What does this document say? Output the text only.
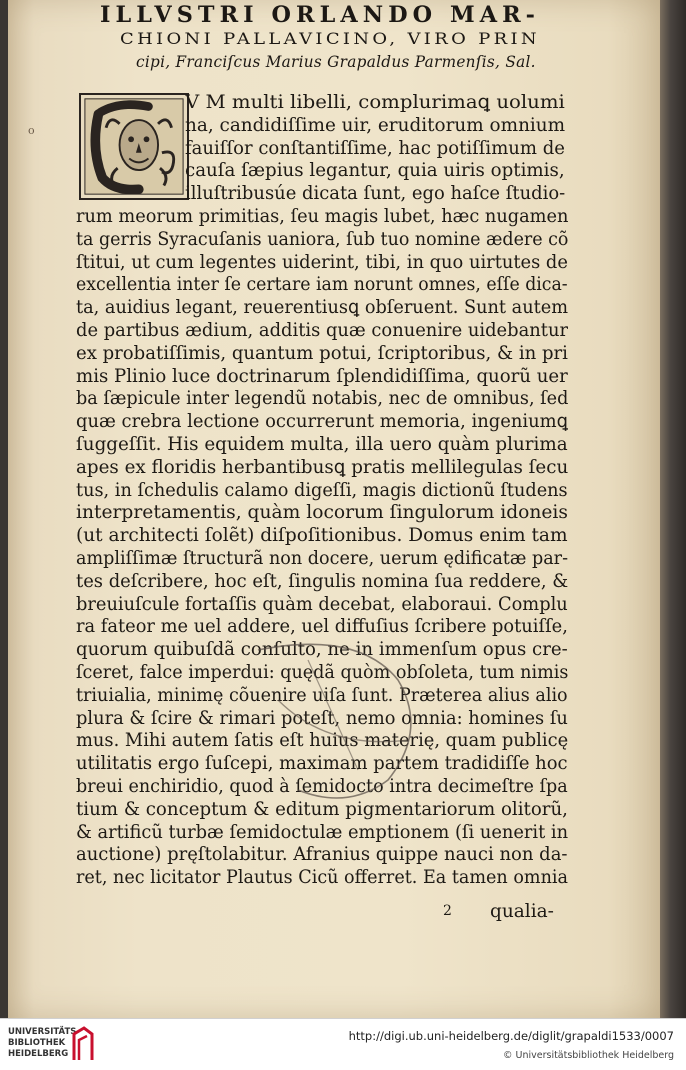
ILLVSTRI ORLANDO MAR-
CHIONI PALLAVICINO, VIRO PRIN
cipi, Franciſcus Marius Grapaldus Parmenſis, Sal.
o
V M multi libelli, complurimaꝗ uolumi
na, candidiſſime uir, eruditorum omnium
fauiſſor conſtantiſſime, hac potiſſimum de
cauſa ſæpius legantur, quia uiris optimis,
illuſtribusúe dicata ſunt, ego haſce ſtudio-
rum meorum primitias, ſeu magis lubet, hæc nugamen
ta gerris Syracuſanis uaniora, ſub tuo nomine ædere cõ
ſtitui, ut cum legentes uiderint, tibi, in quo uirtutes de
excellentia inter ſe certare iam norunt omnes, eſſe dica-
ta, auidius legant, reuerentiusꝗ obſeruent. Sunt autem
de partibus ædium, additis quæ conuenire uidebantur
ex probatiſſimis, quantum potui, ſcriptoribus, & in pri
mis Plinio luce doctrinarum ſplendidiſſima, quorũ uer
ba ſæpicule inter legendũ notabis, nec de omnibus, ſed
quæ crebra lectione occurrerunt memoria, ingeniumꝗ
ſuggeſſit. His equidem multa, illa uero quàm plurima
apes ex floridis herbantibusꝗ pratis mellilegulas ſecu
tus, in ſchedulis calamo digeſſi, magis dictionũ ſtudens
interpretamentis, quàm locorum ſingulorum idoneis
(ut architecti ſolẽt) diſpoſitionibus. Domus enim tam
ampliſſimæ ſtructurã non docere, uerum ędificatæ par-
tes deſcribere, hoc eſt, ſingulis nomina ſua reddere, &
breuiuſcule fortaſſis quàm decebat, elaboraui. Complu
ra fateor me uel addere, uel diffuſius ſcribere potuiſſe,
quorum quibuſdã conſulto, ne in immenſum opus cre-
ſceret, falce imperdui: quędã quòm obſoleta, tum nimis
triuialia, minimę cõuenire uiſa ſunt. Præterea alius alio
plura & ſcire & rimari poteſt, nemo omnia: homines ſu
mus. Mihi autem ſatis eſt huius materię, quam publicę
utilitatis ergo ſuſcepi, maximam partem tradidiſſe hoc
breui enchiridio, quod à ſemidocto intra decimeſtre ſpa
tium & conceptum & editum pigmentariorum olitorũ,
& artificũ turbæ ſemidoctulæ emptionem (ſi uenerit in
auctione) pręſtolabitur. Afranius quippe nauci non da-
ret, nec licitator Plautus Cicũ offerret. Ea tamen omnia
2 qualia-
UNIVERSITÄTS-
BIBLIOTHEK
HEIDELBERG
http://digi.ub.uni-heidelberg.de/diglit/grapaldi1533/0007
© Universitätsbibliothek Heidelberg
